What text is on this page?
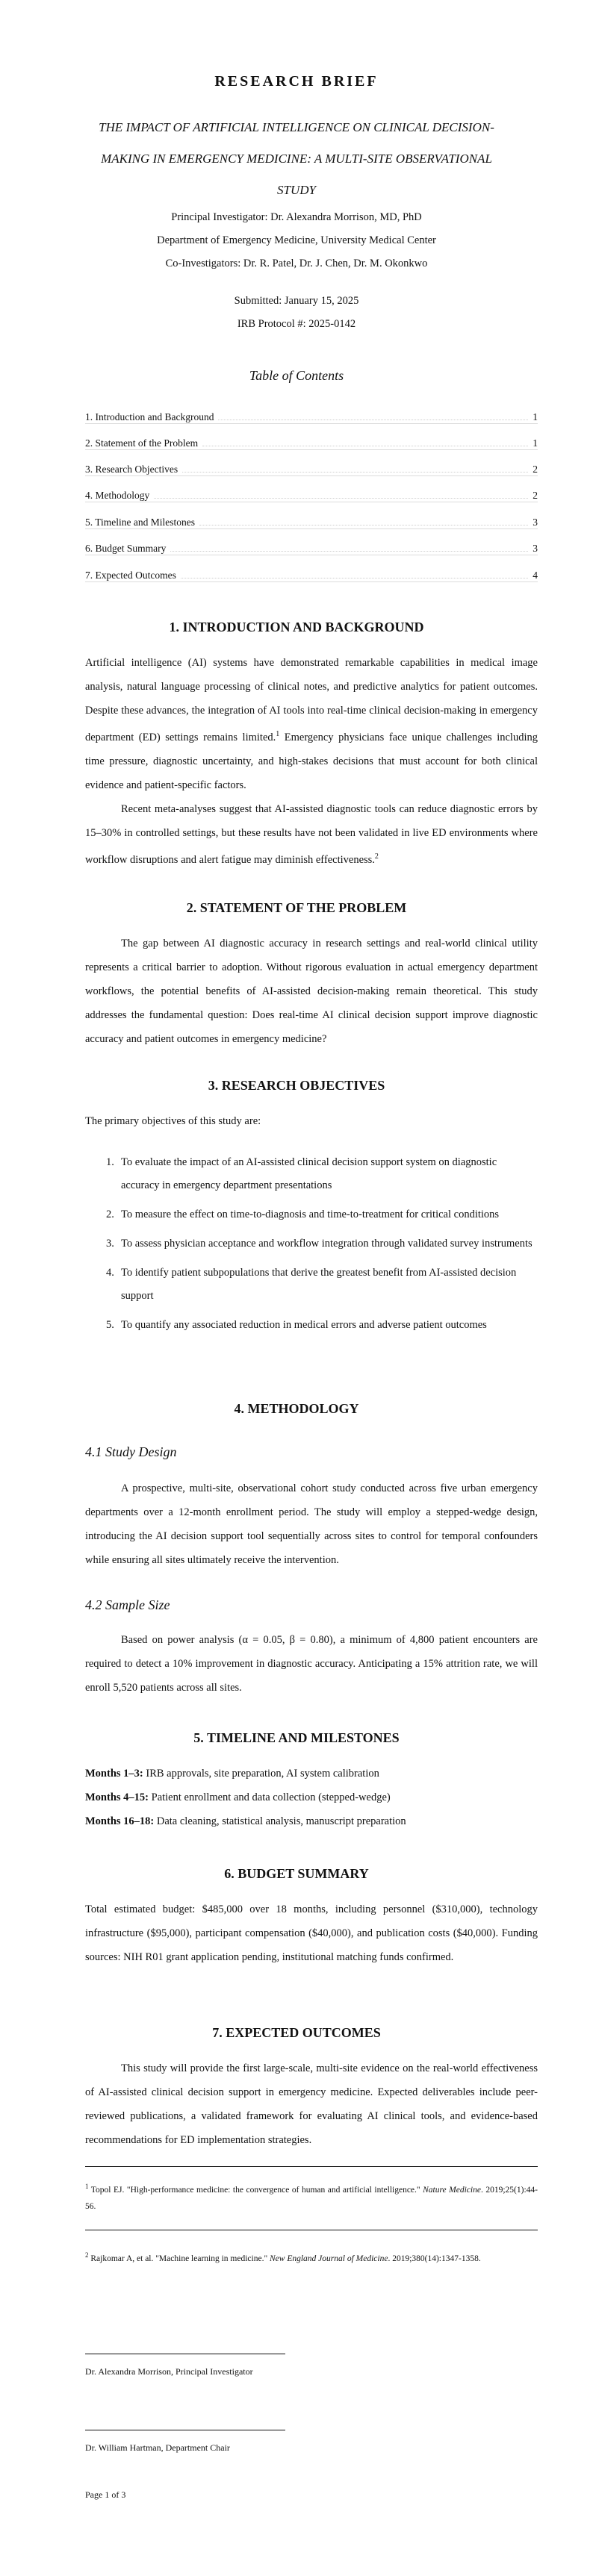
RESEARCH BRIEF
THE IMPACT OF ARTIFICIAL INTELLIGENCE ON CLINICAL DECISION-MAKING IN EMERGENCY MEDICINE: A MULTI-SITE OBSERVATIONAL STUDY
Principal Investigator: Dr. Alexandra Morrison, MD, PhD
Department of Emergency Medicine, University Medical Center
Co-Investigators: Dr. R. Patel, Dr. J. Chen, Dr. M. Okonkwo
Submitted: January 15, 2025
IRB Protocol #: 2025-0142
Table of Contents
1. Introduction and Background	1
2. Statement of the Problem	1
3. Research Objectives	2
4. Methodology	2
5. Timeline and Milestones	3
6. Budget Summary	3
7. Expected Outcomes	4
1. INTRODUCTION AND BACKGROUND

Artificial intelligence (AI) systems have demonstrated remarkable capabilities in medical image analysis, natural language processing of clinical notes, and predictive analytics for patient outcomes. Despite these advances, the integration of AI tools into real-time clinical decision-making in emergency department (ED) settings remains limited.$^1$ Emergency physicians face unique challenges including time pressure, diagnostic uncertainty, and high-stakes decisions that must account for both clinical evidence and patient-specific factors.

Recent meta-analyses suggest that AI-assisted diagnostic tools can reduce diagnostic errors by 15–30% in controlled settings, but these results have not been validated in live ED environments where workflow disruptions and alert fatigue may diminish effectiveness.$^2$

2. STATEMENT OF THE PROBLEM

The gap between AI diagnostic accuracy in research settings and real-world clinical utility represents a critical barrier to adoption. Without rigorous evaluation in actual emergency department workflows, the potential benefits of AI-assisted decision-making remain theoretical. This study addresses the fundamental question: Does real-time AI clinical decision support improve diagnostic accuracy and patient outcomes in emergency medicine?

3. RESEARCH OBJECTIVES

The primary objectives of this study are:

1. To evaluate the impact of an AI-assisted clinical decision support system on diagnostic accuracy in emergency department presentations
2. To measure the effect on time-to-diagnosis and time-to-treatment for critical conditions
3. To assess physician acceptance and workflow integration through validated survey instruments
4. To identify patient subpopulations that derive the greatest benefit from AI-assisted decision support
5. To quantify any associated reduction in medical errors and adverse patient outcomes
4. METHODOLOGY
4.1 Study Design

A prospective, multi-site, observational cohort study conducted across five urban emergency departments over a 12-month enrollment period. The study will employ a stepped-wedge design, introducing the AI decision support tool sequentially across sites to control for temporal confounders while ensuring all sites ultimately receive the intervention.

4.2 Sample Size

Based on power analysis (α = 0.05, β = 0.80), a minimum of 4,800 patient encounters are required to detect a 10% improvement in diagnostic accuracy. Anticipating a 15% attrition rate, we will enroll 5,520 patients across all sites.

5. TIMELINE AND MILESTONES
Months 1–3: IRB approvals, site preparation, AI system calibration
Months 4–15: Patient enrollment and data collection (stepped-wedge)
Months 16–18: Data cleaning, statistical analysis, manuscript preparation
6. BUDGET SUMMARY

Total estimated budget: $485,000 over 18 months, including personnel ($310,000), technology infrastructure ($95,000), participant compensation ($40,000), and publication costs ($40,000). Funding sources: NIH R01 grant application pending, institutional matching funds confirmed.

7. EXPECTED OUTCOMES

This study will provide the first large-scale, multi-site evidence on the real-world effectiveness of AI-assisted clinical decision support in emergency medicine. Expected deliverables include peer-reviewed publications, a validated framework for evaluating AI clinical tools, and evidence-based recommendations for ED implementation strategies.

$^1$ Topol EJ. "High-performance medicine: the convergence of human and artificial intelligence." Nature Medicine. 2019;25(1):44-56.
$^2$ Rajkomar A, et al. "Machine learning in medicine." New England Journal of Medicine. 2019;380(14):1347-1358.
Dr. Alexandra Morrison, Principal Investigator
Dr. William Hartman, Department Chair
Page 1 of 3
